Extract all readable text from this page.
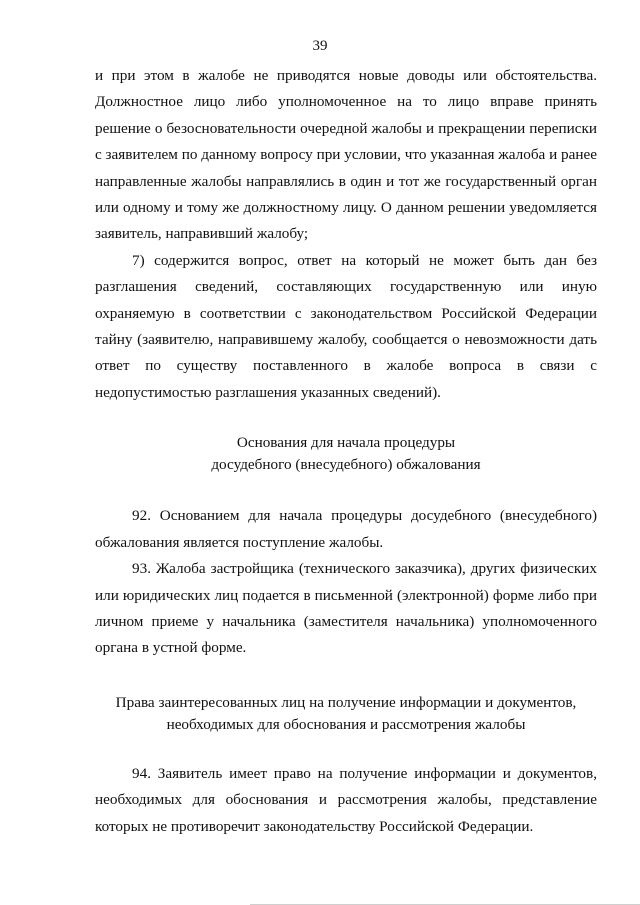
39

и при этом в жалобе не приводятся новые доводы или обстоятельства. Должностное лицо либо уполномоченное на то лицо вправе принять решение о безосновательности очередной жалобы и прекращении переписки с заявителем по данному вопросу при условии, что указанная жалоба и ранее направленные жалобы направлялись в один и тот же государственный орган или одному и тому же должностному лицу. О данном решении уведомляется заявитель, направивший жалобу;

7) содержится вопрос, ответ на который не может быть дан без разглашения сведений, составляющих государственную или иную охраняемую в соответствии с законодательством Российской Федерации тайну (заявителю, направившему жалобу, сообщается о невозможности дать ответ по существу поставленного в жалобе вопроса в связи с недопустимостью разглашения указанных сведений).

Основания для начала процедуры
досудебного (внесудебного) обжалования

92. Основанием для начала процедуры досудебного (внесудебного) обжалования является поступление жалобы.

93. Жалоба застройщика (технического заказчика), других физических или юридических лиц подается в письменной (электронной) форме либо при личном приеме у начальника (заместителя начальника) уполномоченного органа в устной форме.

Права заинтересованных лиц на получение информации и документов,
необходимых для обоснования и рассмотрения жалобы

94. Заявитель имеет право на получение информации и документов, необходимых для обоснования и рассмотрения жалобы, представление которых не противоречит законодательству Российской Федерации.
